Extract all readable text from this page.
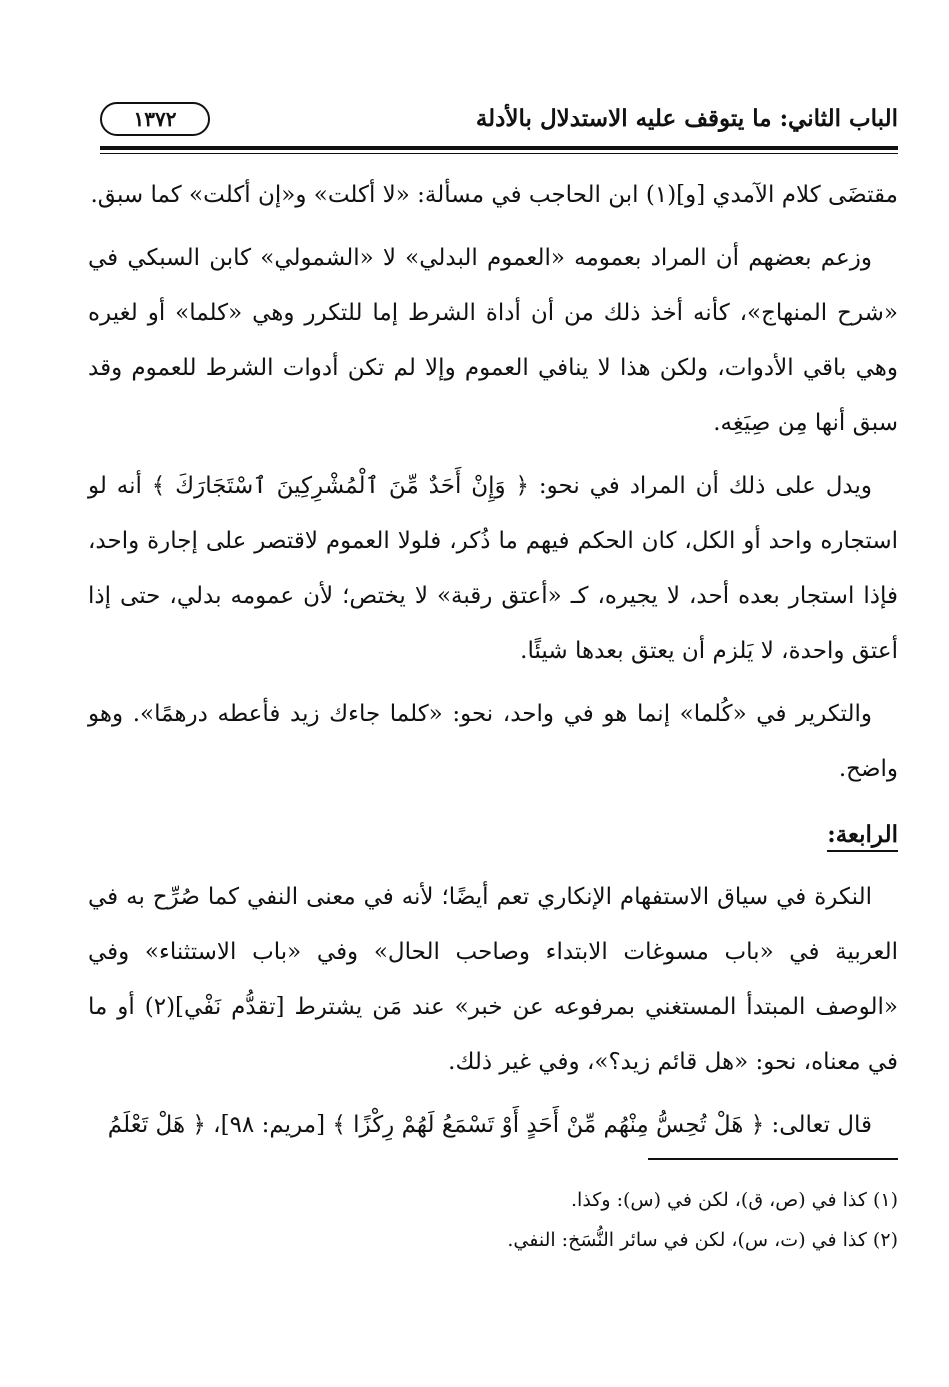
الباب الثاني: ما يتوقف عليه الاستدلال بالأدلة
١٣٧٢

مقتضَى كلام الآمدي [و](١) ابن الحاجب في مسألة: «لا أكلت» و«إن أكلت» كما سبق.

وزعم بعضهم أن المراد بعمومه «العموم البدلي» لا «الشمولي» كابن السبكي في «شرح المنهاج»، كأنه أخذ ذلك من أن أداة الشرط إما للتكرر وهي «كلما» أو لغيره وهي باقي الأدوات، ولكن هذا لا ينافي العموم وإلا لم تكن أدوات الشرط للعموم وقد سبق أنها مِن صِيَغِه.

ويدل على ذلك أن المراد في نحو: ﴿ وَإِنْ أَحَدٌ مِّنَ ٱلْمُشْرِكِينَ ٱسْتَجَارَكَ ﴾ أنه لو استجاره واحد أو الكل، كان الحكم فيهم ما ذُكر، فلولا العموم لاقتصر على إجارة واحد، فإذا استجار بعده أحد، لا يجيره، كـ «أعتق رقبة» لا يختص؛ لأن عمومه بدلي، حتى إذا أعتق واحدة، لا يَلزم أن يعتق بعدها شيئًا.

والتكرير في «كُلما» إنما هو في واحد، نحو: «كلما جاءك زيد فأعطه درهمًا». وهو واضح.

الرابعة:

النكرة في سياق الاستفهام الإنكاري تعم أيضًا؛ لأنه في معنى النفي كما صُرِّح به في العربية في «باب مسوغات الابتداء وصاحب الحال» وفي «باب الاستثناء» وفي «الوصف المبتدأ المستغني بمرفوعه عن خبر» عند مَن يشترط [تقدُّم نَفْي](٢) أو ما في معناه، نحو: «هل قائم زيد؟»، وفي غير ذلك.

قال تعالى: ﴿ هَلْ تُحِسُّ مِنْهُم مِّنْ أَحَدٍ أَوْ تَسْمَعُ لَهُمْ رِكْزًا ﴾ [مريم: ٩٨]، ﴿ هَلْ تَعْلَمُ

(١) كذا في (ص، ق)، لكن في (س): وكذا.

(٢) كذا في (ت، س)، لكن في سائر النُّسَخ: النفي.
